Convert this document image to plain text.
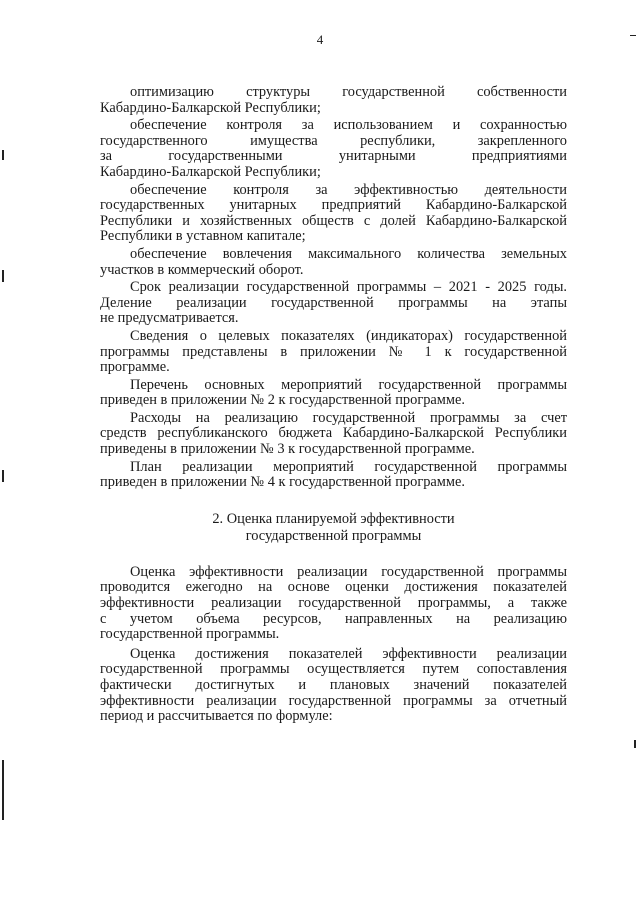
4
оптимизацию структуры государственной собственности
Кабардино-Балкарской Республики;
обеспечение контроля за использованием и сохранностью
государственного имущества республики, закрепленного
за государственными унитарными предприятиями
Кабардино-Балкарской Республики;
обеспечение контроля за эффективностью деятельности
государственных унитарных предприятий Кабардино-Балкарской
Республики и хозяйственных обществ с долей Кабардино-Балкарской
Республики в уставном капитале;
обеспечение вовлечения максимального количества земельных
участков в коммерческий оборот.
Срок реализации государственной программы – 2021 - 2025 годы.
Деление реализации государственной программы на этапы
не предусматривается.
Сведения о целевых показателях (индикаторах) государственной
программы представлены в приложении № 1 к государственной
программе.
Перечень основных мероприятий государственной программы
приведен в приложении № 2 к государственной программе.
Расходы на реализацию государственной программы за счет
средств республиканского бюджета Кабардино-Балкарской Республики
приведены в приложении № 3 к государственной программе.
План реализации мероприятий государственной программы
приведен в приложении № 4 к государственной программе.
2. Оценка планируемой эффективности
государственной программы
Оценка эффективности реализации государственной программы
проводится ежегодно на основе оценки достижения показателей
эффективности реализации государственной программы, а также
с учетом объема ресурсов, направленных на реализацию
государственной программы.
Оценка достижения показателей эффективности реализации
государственной программы осуществляется путем сопоставления
фактически достигнутых и плановых значений показателей
эффективности реализации государственной программы за отчетный
период и рассчитывается по формуле:
